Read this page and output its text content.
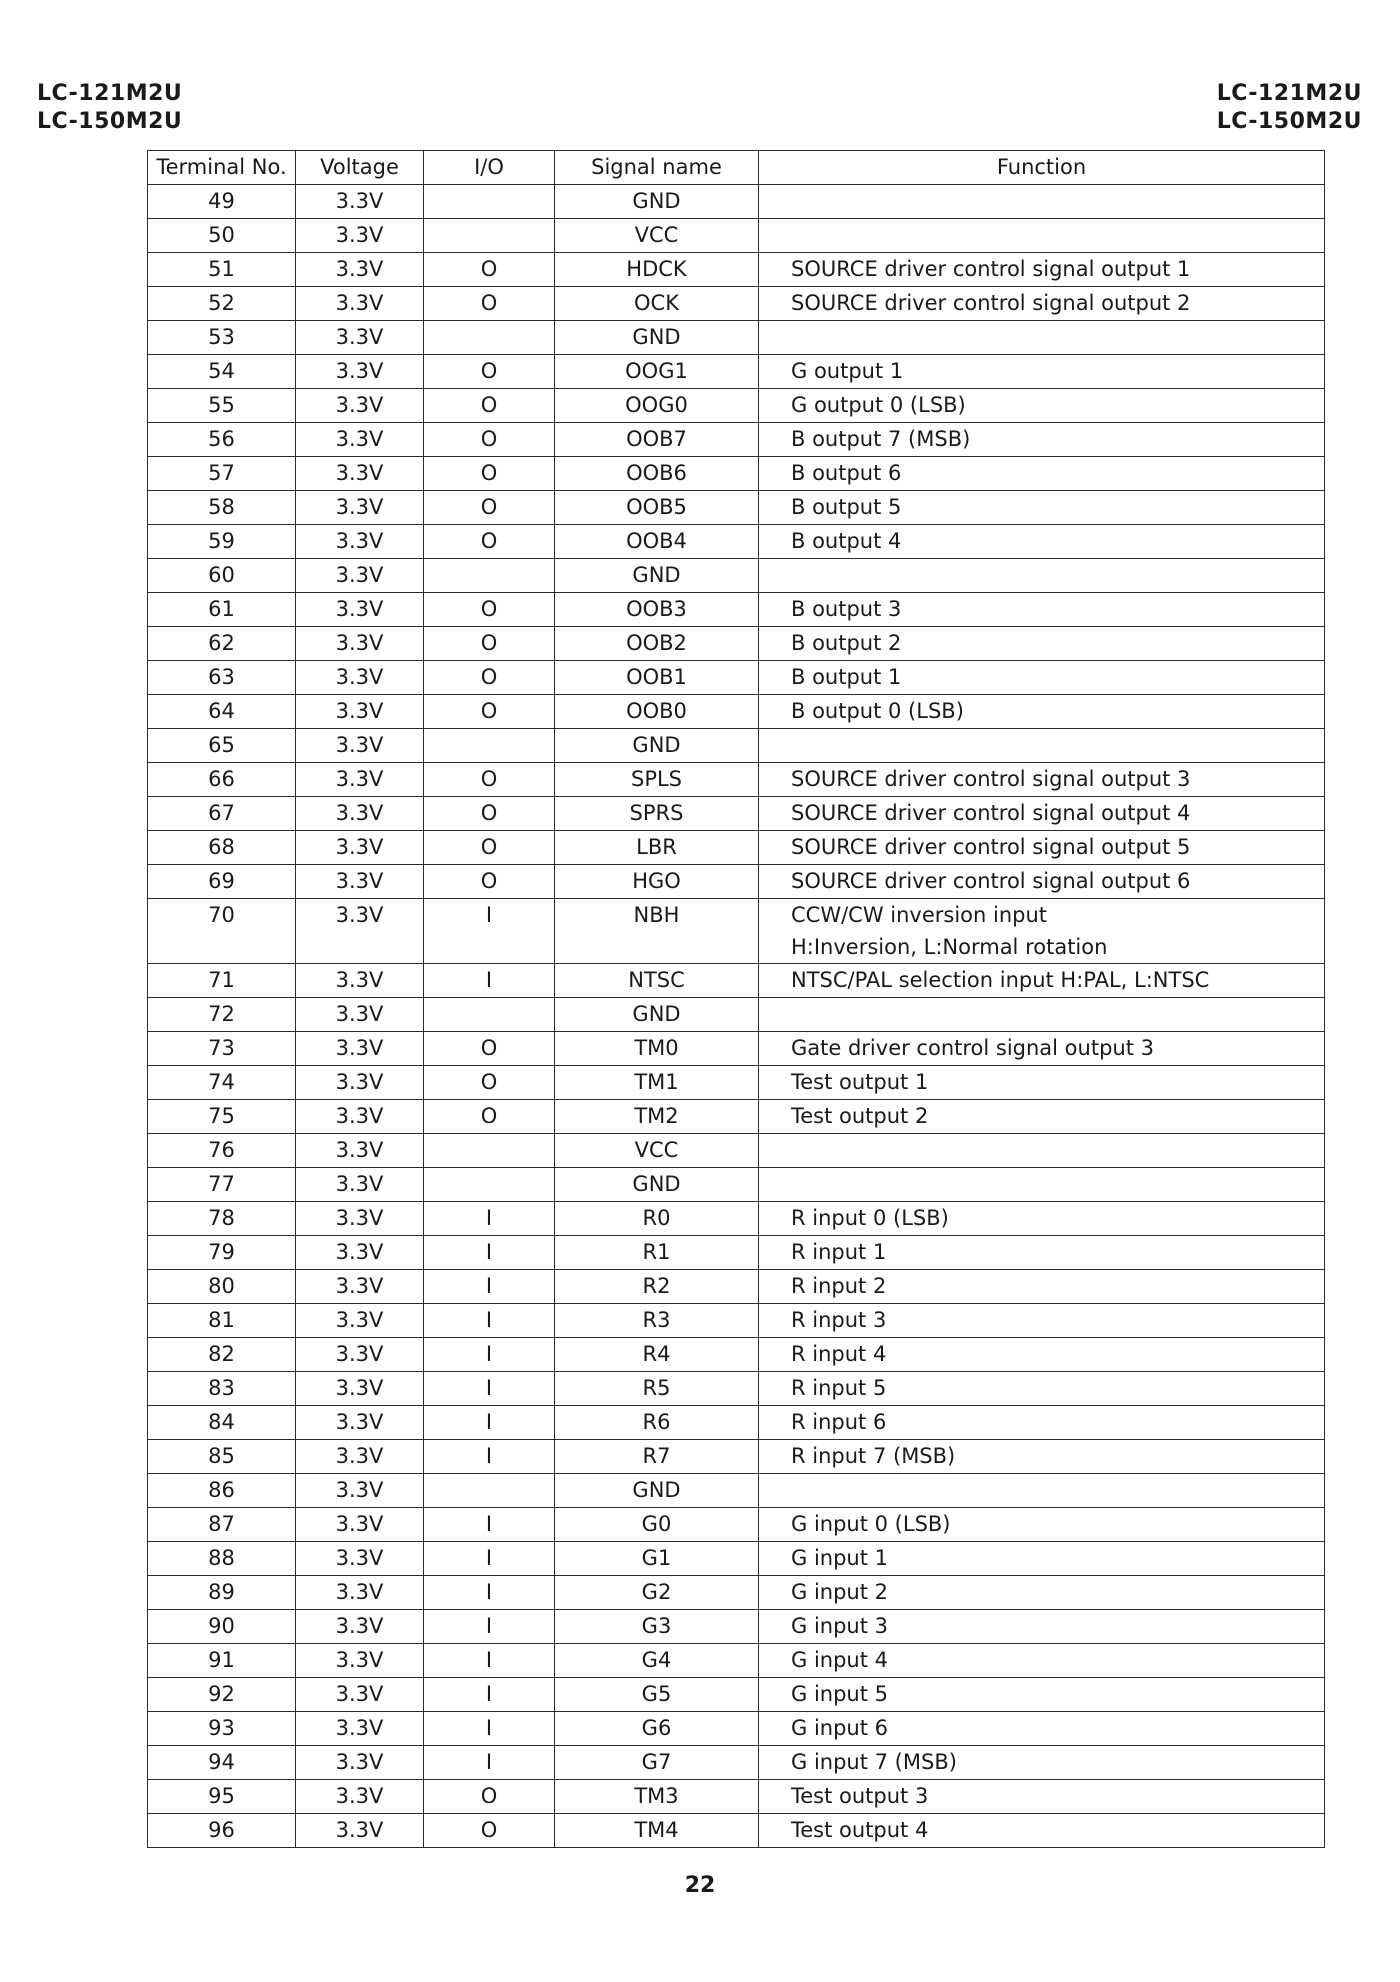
LC-121M2U
LC-150M2U
LC-121M2U
LC-150M2U
Terminal No.	Voltage	I/O	Signal name	Function
49	3.3V		GND	

50	3.3V		VCC	

51	3.3V	O	HDCK	SOURCE driver control signal output 1

52	3.3V	O	OCK	SOURCE driver control signal output 2

53	3.3V		GND	

54	3.3V	O	OOG1	G output 1

55	3.3V	O	OOG0	G output 0 (LSB)

56	3.3V	O	OOB7	B output 7 (MSB)

57	3.3V	O	OOB6	B output 6

58	3.3V	O	OOB5	B output 5

59	3.3V	O	OOB4	B output 4

60	3.3V		GND	

61	3.3V	O	OOB3	B output 3

62	3.3V	O	OOB2	B output 2

63	3.3V	O	OOB1	B output 1

64	3.3V	O	OOB0	B output 0 (LSB)

65	3.3V		GND	

66	3.3V	O	SPLS	SOURCE driver control signal output 3

67	3.3V	O	SPRS	SOURCE driver control signal output 4

68	3.3V	O	LBR	SOURCE driver control signal output 5

69	3.3V	O	HGO	SOURCE driver control signal output 6

70	3.3V	I	NBH	CCW/CW inversion input
H:Inversion, L:Normal rotation

71	3.3V	I	NTSC	NTSC/PAL selection input H:PAL, L:NTSC

72	3.3V		GND	

73	3.3V	O	TM0	Gate driver control signal output 3

74	3.3V	O	TM1	Test output 1

75	3.3V	O	TM2	Test output 2

76	3.3V		VCC	

77	3.3V		GND	

78	3.3V	I	R0	R input 0 (LSB)

79	3.3V	I	R1	R input 1

80	3.3V	I	R2	R input 2

81	3.3V	I	R3	R input 3

82	3.3V	I	R4	R input 4

83	3.3V	I	R5	R input 5

84	3.3V	I	R6	R input 6

85	3.3V	I	R7	R input 7 (MSB)

86	3.3V		GND	

87	3.3V	I	G0	G input 0 (LSB)

88	3.3V	I	G1	G input 1

89	3.3V	I	G2	G input 2

90	3.3V	I	G3	G input 3

91	3.3V	I	G4	G input 4

92	3.3V	I	G5	G input 5

93	3.3V	I	G6	G input 6

94	3.3V	I	G7	G input 7 (MSB)

95	3.3V	O	TM3	Test output 3

96	3.3V	O	TM4	Test output 4
22
